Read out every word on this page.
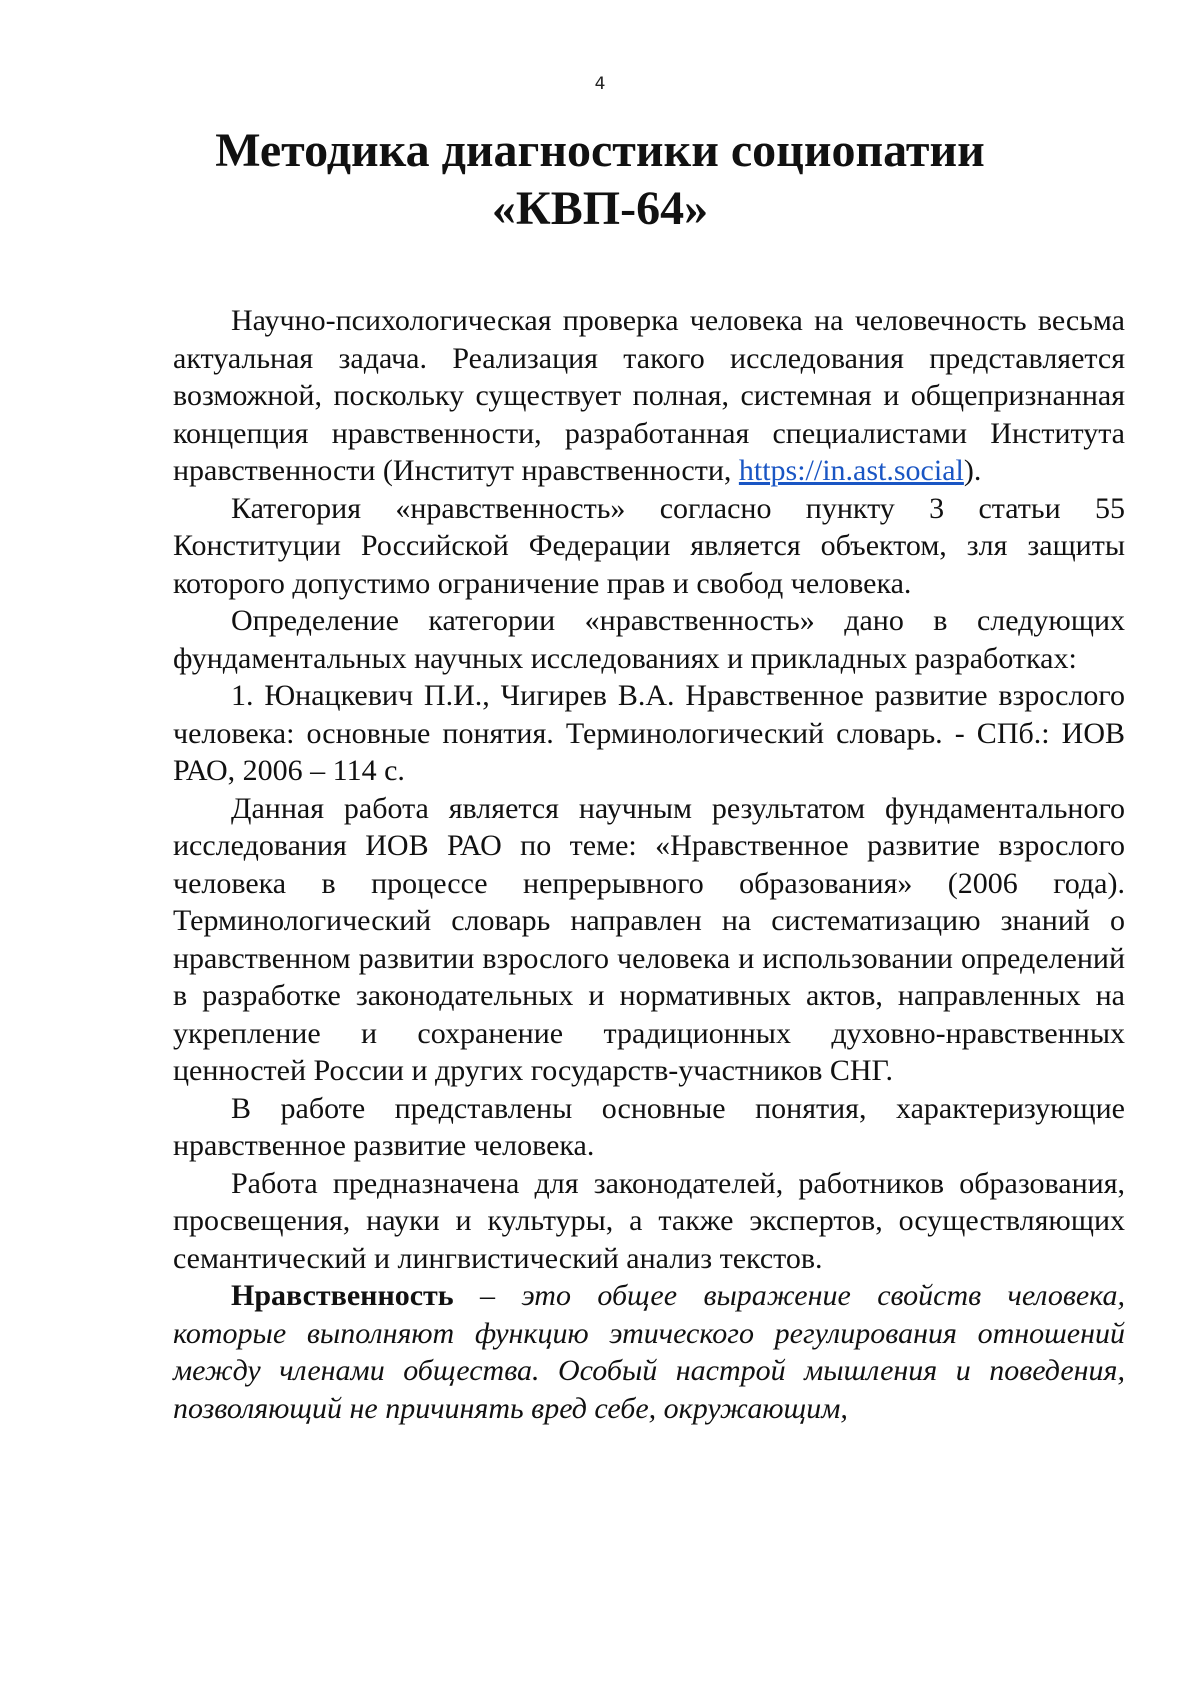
4
Методика диагностики социопатии
«КВП-64»

Научно-психологическая проверка человека на человечность весьма актуальная задача. Реализация такого исследования представляется возможной, поскольку существует полная, системная и общепризнанная концепция нравственности, разработанная специалистами Института нравственности (Институт нравственности, https://in.ast.social).

Категория «нравственность» согласно пункту 3 статьи 55 Конституции Российской Федерации является объектом, зля защиты которого допустимо ограничение прав и свобод человека.

Определение категории «нравственность» дано в следующих фундаментальных научных исследованиях и прикладных разработках:

1. Юнацкевич П.И., Чигирев В.А. Нравственное развитие взрослого человека: основные понятия. Терминологический словарь. - СПб.: ИОВ РАО, 2006 – 114 с.

Данная работа является научным результатом фундаментального исследования ИОВ РАО по теме: «Нравственное развитие взрослого человека в процессе непрерывного образования» (2006 года). Терминологический словарь направлен на систематизацию знаний о нравственном развитии взрослого человека и использовании определений в разработке законодательных и нормативных актов, направленных на укрепление и сохранение традиционных духовно-нравственных ценностей России и других государств-участников СНГ.

В работе представлены основные понятия, характеризующие нравственное развитие человека.

Работа предназначена для законодателей, работников образования, просвещения, науки и культуры, а также экспертов, осуществляющих семантический и лингвистический анализ текстов.

Нравственность – это общее выражение свойств человека, которые выполняют функцию этического регулирования отношений между членами общества. Особый настрой мышления и поведения, позволяющий не причинять вред себе, окружающим,
